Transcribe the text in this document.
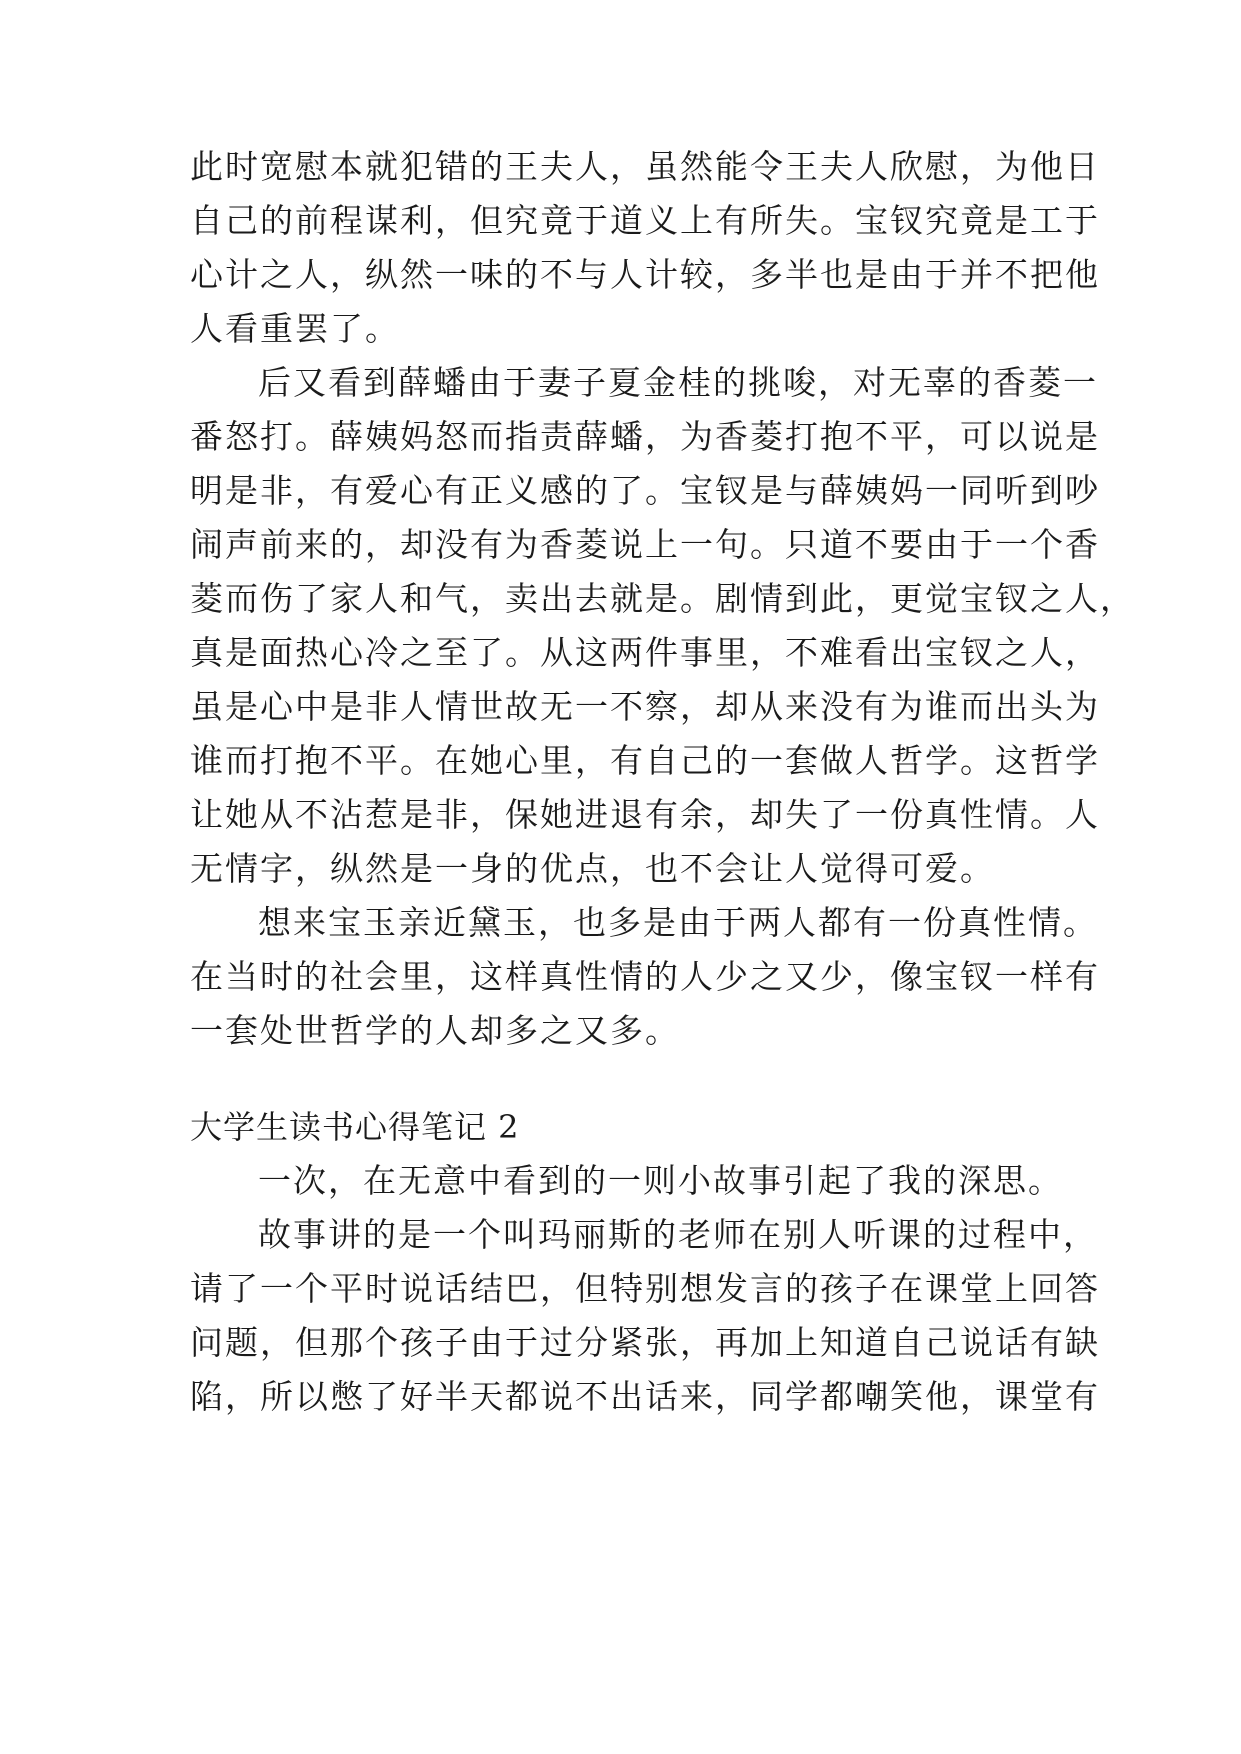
此时宽慰本就犯错的王夫人，虽然能令王夫人欣慰，为他日
自己的前程谋利，但究竟于道义上有所失。宝钗究竟是工于
心计之人，纵然一味的不与人计较，多半也是由于并不把他
人看重罢了。
后又看到薛蟠由于妻子夏金桂的挑唆，对无辜的香菱一
番怒打。薛姨妈怒而指责薛蟠，为香菱打抱不平，可以说是
明是非，有爱心有正义感的了。宝钗是与薛姨妈一同听到吵
闹声前来的，却没有为香菱说上一句。只道不要由于一个香
菱而伤了家人和气，卖出去就是。剧情到此，更觉宝钗之人，
真是面热心冷之至了。从这两件事里，不难看出宝钗之人，
虽是心中是非人情世故无一不察，却从来没有为谁而出头为
谁而打抱不平。在她心里，有自己的一套做人哲学。这哲学
让她从不沾惹是非，保她进退有余，却失了一份真性情。人
无情字，纵然是一身的优点，也不会让人觉得可爱。
想来宝玉亲近黛玉，也多是由于两人都有一份真性情。
在当时的社会里，这样真性情的人少之又少，像宝钗一样有
一套处世哲学的人却多之又多。
大学生读书心得笔记 2
一次，在无意中看到的一则小故事引起了我的深思。
故事讲的是一个叫玛丽斯的老师在别人听课的过程中，
请了一个平时说话结巴，但特别想发言的孩子在课堂上回答
问题，但那个孩子由于过分紧张，再加上知道自己说话有缺
陷，所以憋了好半天都说不出话来，同学都嘲笑他，课堂有
